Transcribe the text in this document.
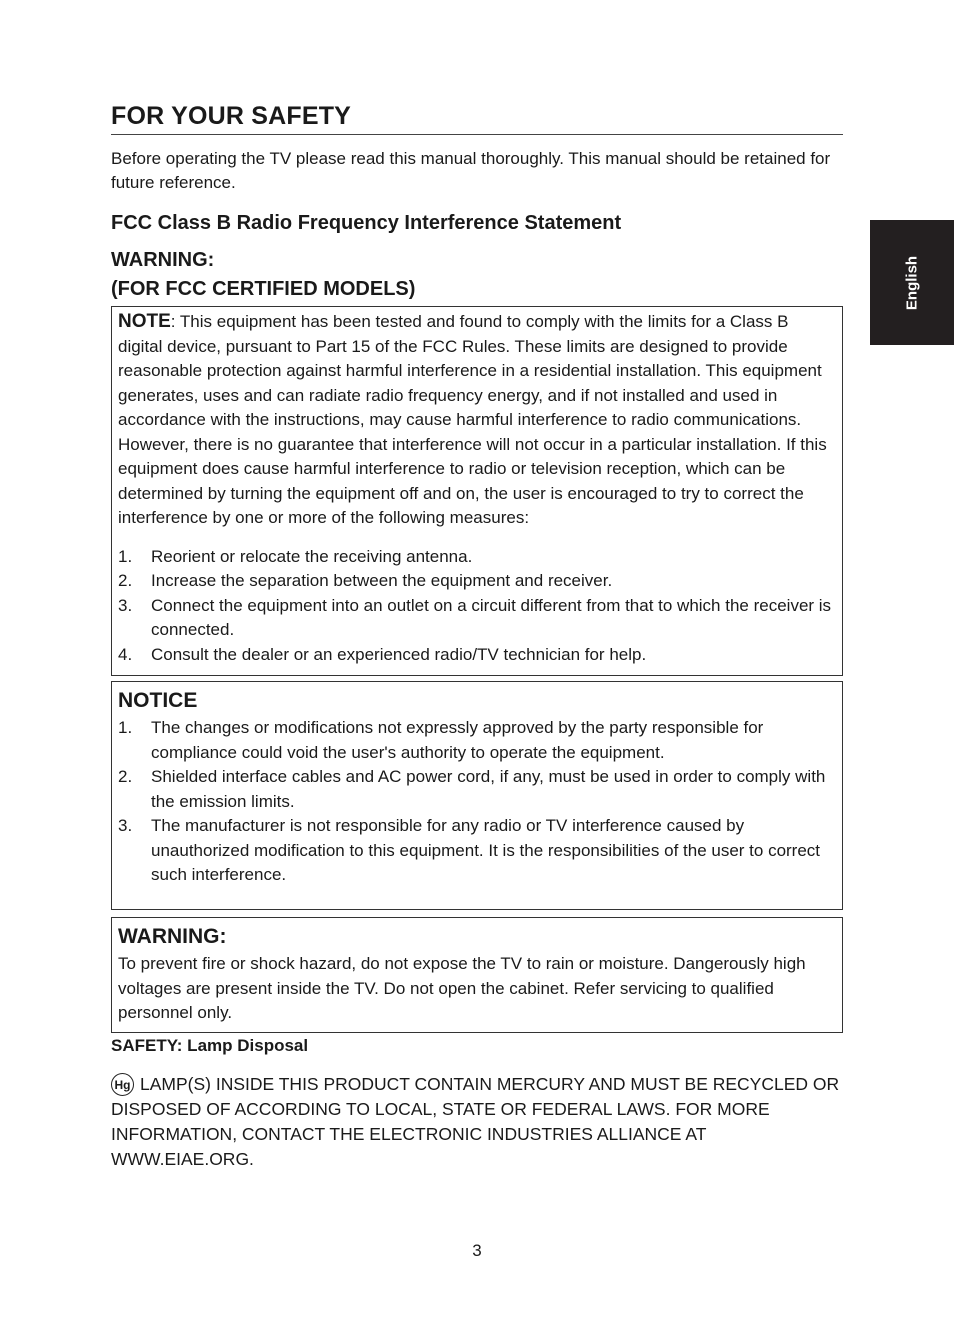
English
FOR YOUR SAFETY

Before operating the TV please read this manual thoroughly. This manual should be retained for future reference.

FCC Class B Radio Frequency Interference Statement
WARNING:
(FOR FCC CERTIFIED MODELS)

NOTE: This equipment has been tested and found to comply with the limits for a Class B digital device, pursuant to Part 15 of the FCC Rules. These limits are designed to provide reasonable protection against harmful interference in a residential installation. This equipment generates, uses and can radiate radio frequency energy, and if not installed and used in accordance with the instructions, may cause harmful interference to radio communications. However, there is no guarantee that interference will not occur in a particular installation. If this equipment does cause harmful interference to radio or television reception, which can be determined by turning the equipment off and on, the user is encouraged to try to correct the interference by one or more of the following measures:

1. Reorient or relocate the receiving antenna.
2. Increase the separation between the equipment and receiver.
3. Connect the equipment into an outlet on a circuit different from that to which the receiver is connected.
4. Consult the dealer or an experienced radio/TV technician for help.
NOTICE
1. The changes or modifications not expressly approved by the party responsible for compliance could void the user's authority to operate the equipment.
2. Shielded interface cables and AC power cord, if any, must be used in order to comply with the emission limits.
3. The manufacturer is not responsible for any radio or TV interference caused by unauthorized modification to this equipment. It is the responsibilities of the user to correct such interference.
WARNING:

To prevent fire or shock hazard, do not expose the TV to rain or moisture. Dangerously high voltages are present inside the TV. Do not open the cabinet. Refer servicing to qualified personnel only.

SAFETY: Lamp Disposal

Hg LAMP(S) INSIDE THIS PRODUCT CONTAIN MERCURY AND MUST BE RECYCLED OR DISPOSED OF ACCORDING TO LOCAL, STATE OR FEDERAL LAWS. FOR MORE INFORMATION, CONTACT THE ELECTRONIC INDUSTRIES ALLIANCE AT WWW.EIAE.ORG.

3
